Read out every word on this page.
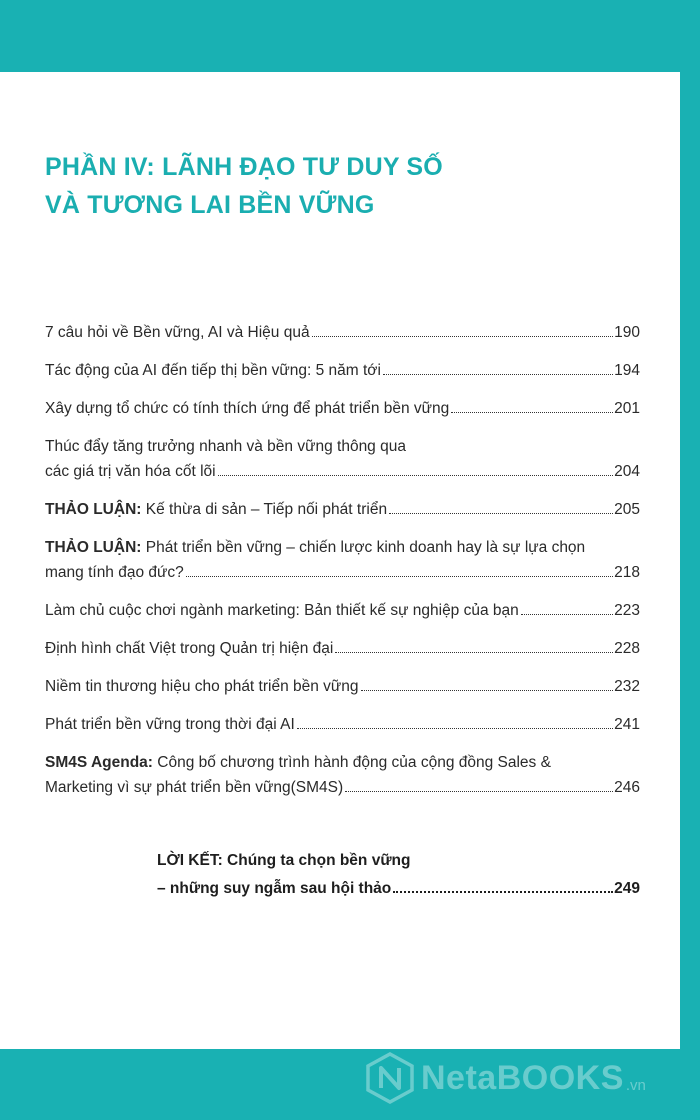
PHẦN IV: LÃNH ĐẠO TƯ DUY SỐ
VÀ TƯƠNG LAI BỀN VỮNG
7 câu hỏi về Bền vững, AI và Hiệu quả	190
Tác động của AI đến tiếp thị bền vững: 5 năm tới	194
Xây dựng tổ chức có tính thích ứng để phát triển bền vững	201
Thúc đẩy tăng trưởng nhanh và bền vững thông qua
các giá trị văn hóa cốt lõi	204
THẢO LUẬN:
Kế thừa di sản – Tiếp nối phát triển	205
THẢO LUẬN:
Phát triển bền vững – chiến lược kinh doanh hay là sự lựa chọn
mang tính đạo đức?	218
Làm chủ cuộc chơi ngành marketing: Bản thiết kế sự nghiệp của bạn	223
Định hình chất Việt trong Quản trị hiện đại	228
Niềm tin thương hiệu cho phát triển bền vững	232
Phát triển bền vững trong thời đại AI	241
SM4S Agenda:
Công bố chương trình hành động của cộng đồng Sales &
Marketing vì sự phát triển bền vững(SM4S)	246
LỜI KẾT: Chúng ta chọn bền vững
– những suy ngẫm sau hội thảo	249
NetaBOOKS .vn
